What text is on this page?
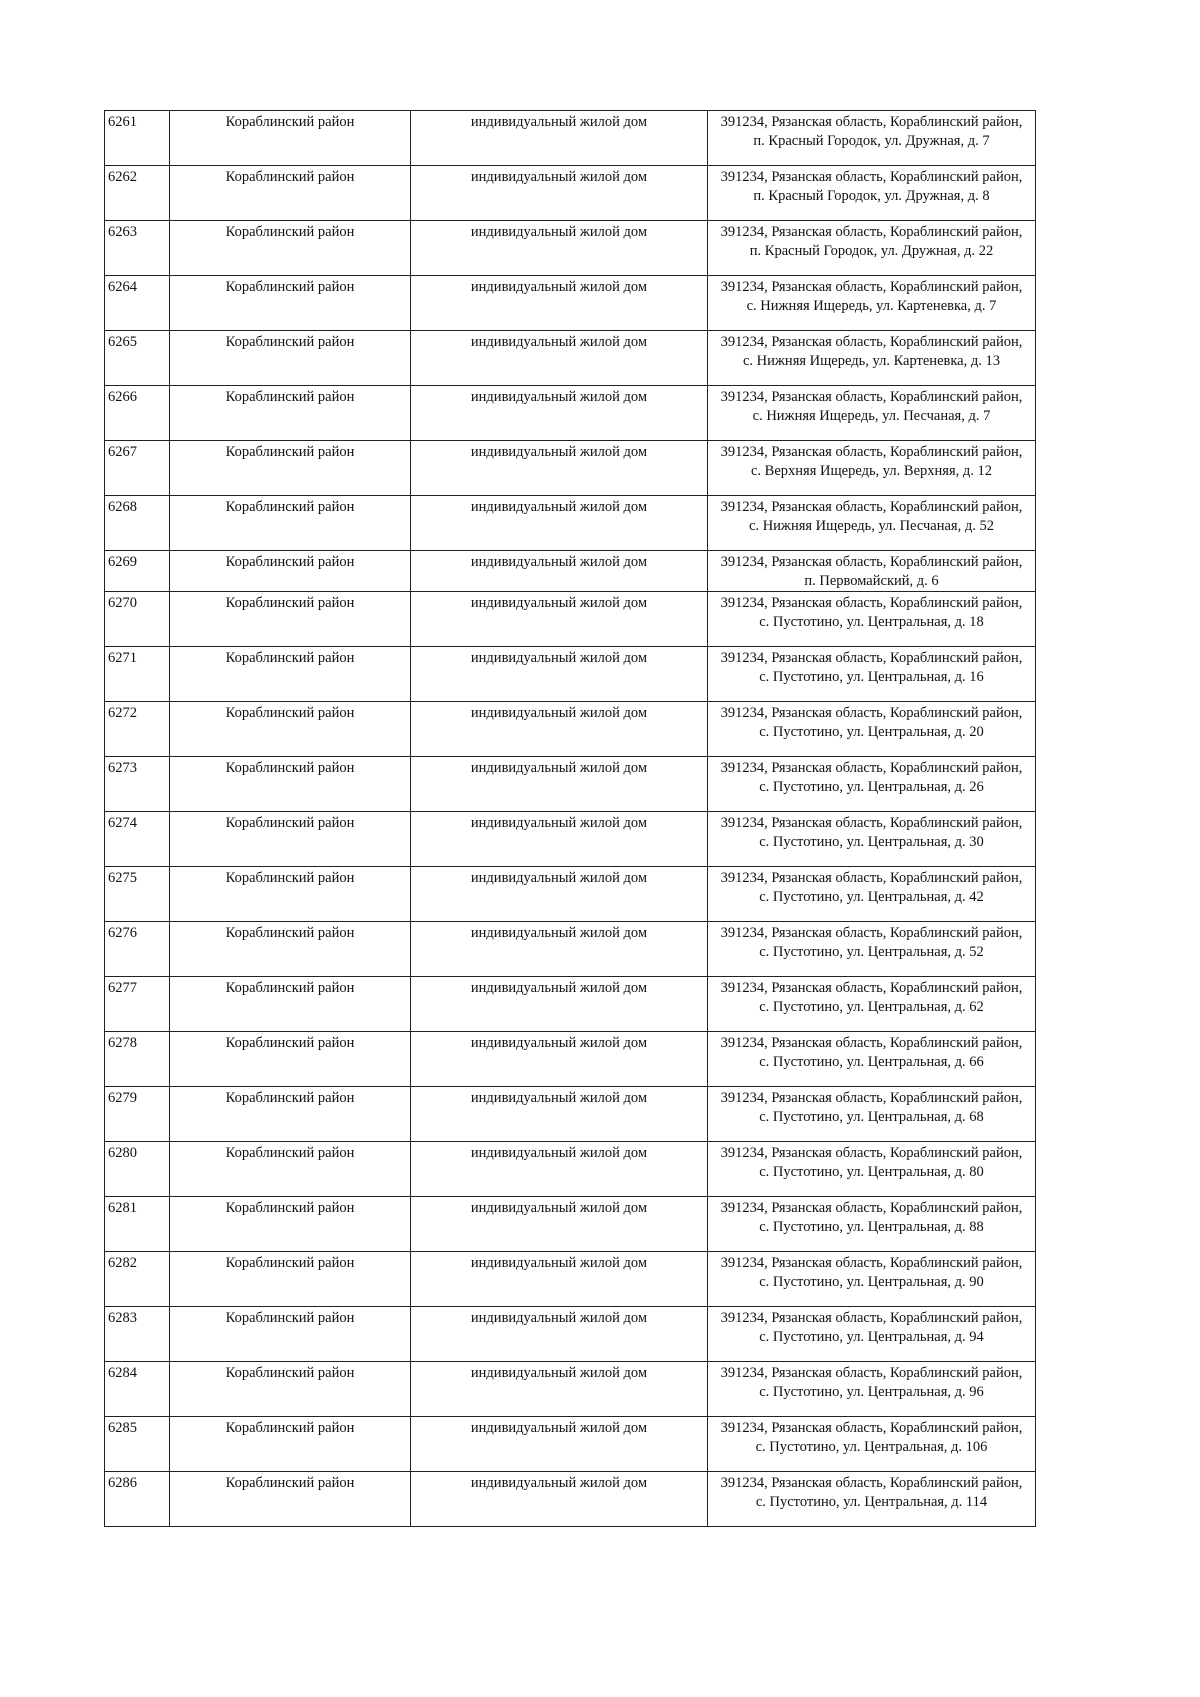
6261	Кораблинский район	индивидуальный жилой дом	391234, Рязанская область, Кораблинский район,
п. Красный Городок, ул. Дружная, д. 7

6262	Кораблинский район	индивидуальный жилой дом	391234, Рязанская область, Кораблинский район,
п. Красный Городок, ул. Дружная, д. 8

6263	Кораблинский район	индивидуальный жилой дом	391234, Рязанская область, Кораблинский район,
п. Красный Городок, ул. Дружная, д. 22

6264	Кораблинский район	индивидуальный жилой дом	391234, Рязанская область, Кораблинский район,
с. Нижняя Ищередь, ул. Картеневка, д. 7

6265	Кораблинский район	индивидуальный жилой дом	391234, Рязанская область, Кораблинский район,
с. Нижняя Ищередь, ул. Картеневка, д. 13

6266	Кораблинский район	индивидуальный жилой дом	391234, Рязанская область, Кораблинский район,
с. Нижняя Ищередь, ул. Песчаная, д. 7

6267	Кораблинский район	индивидуальный жилой дом	391234, Рязанская область, Кораблинский район,
с. Верхняя Ищередь, ул. Верхняя, д. 12

6268	Кораблинский район	индивидуальный жилой дом	391234, Рязанская область, Кораблинский район,
с. Нижняя Ищередь, ул. Песчаная, д. 52

6269	Кораблинский район	индивидуальный жилой дом	391234, Рязанская область, Кораблинский район,
п. Первомайский, д. 6

6270	Кораблинский район	индивидуальный жилой дом	391234, Рязанская область, Кораблинский район,
с. Пустотино, ул. Центральная, д. 18

6271	Кораблинский район	индивидуальный жилой дом	391234, Рязанская область, Кораблинский район,
с. Пустотино, ул. Центральная, д. 16

6272	Кораблинский район	индивидуальный жилой дом	391234, Рязанская область, Кораблинский район,
с. Пустотино, ул. Центральная, д. 20

6273	Кораблинский район	индивидуальный жилой дом	391234, Рязанская область, Кораблинский район,
с. Пустотино, ул. Центральная, д. 26

6274	Кораблинский район	индивидуальный жилой дом	391234, Рязанская область, Кораблинский район,
с. Пустотино, ул. Центральная, д. 30

6275	Кораблинский район	индивидуальный жилой дом	391234, Рязанская область, Кораблинский район,
с. Пустотино, ул. Центральная, д. 42

6276	Кораблинский район	индивидуальный жилой дом	391234, Рязанская область, Кораблинский район,
с. Пустотино, ул. Центральная, д. 52

6277	Кораблинский район	индивидуальный жилой дом	391234, Рязанская область, Кораблинский район,
с. Пустотино, ул. Центральная, д. 62

6278	Кораблинский район	индивидуальный жилой дом	391234, Рязанская область, Кораблинский район,
с. Пустотино, ул. Центральная, д. 66

6279	Кораблинский район	индивидуальный жилой дом	391234, Рязанская область, Кораблинский район,
с. Пустотино, ул. Центральная, д. 68

6280	Кораблинский район	индивидуальный жилой дом	391234, Рязанская область, Кораблинский район,
с. Пустотино, ул. Центральная, д. 80

6281	Кораблинский район	индивидуальный жилой дом	391234, Рязанская область, Кораблинский район,
с. Пустотино, ул. Центральная, д. 88

6282	Кораблинский район	индивидуальный жилой дом	391234, Рязанская область, Кораблинский район,
с. Пустотино, ул. Центральная, д. 90

6283	Кораблинский район	индивидуальный жилой дом	391234, Рязанская область, Кораблинский район,
с. Пустотино, ул. Центральная, д. 94

6284	Кораблинский район	индивидуальный жилой дом	391234, Рязанская область, Кораблинский район,
с. Пустотино, ул. Центральная, д. 96

6285	Кораблинский район	индивидуальный жилой дом	391234, Рязанская область, Кораблинский район,
с. Пустотино, ул. Центральная, д. 106

6286	Кораблинский район	индивидуальный жилой дом	391234, Рязанская область, Кораблинский район,
с. Пустотино, ул. Центральная, д. 114
